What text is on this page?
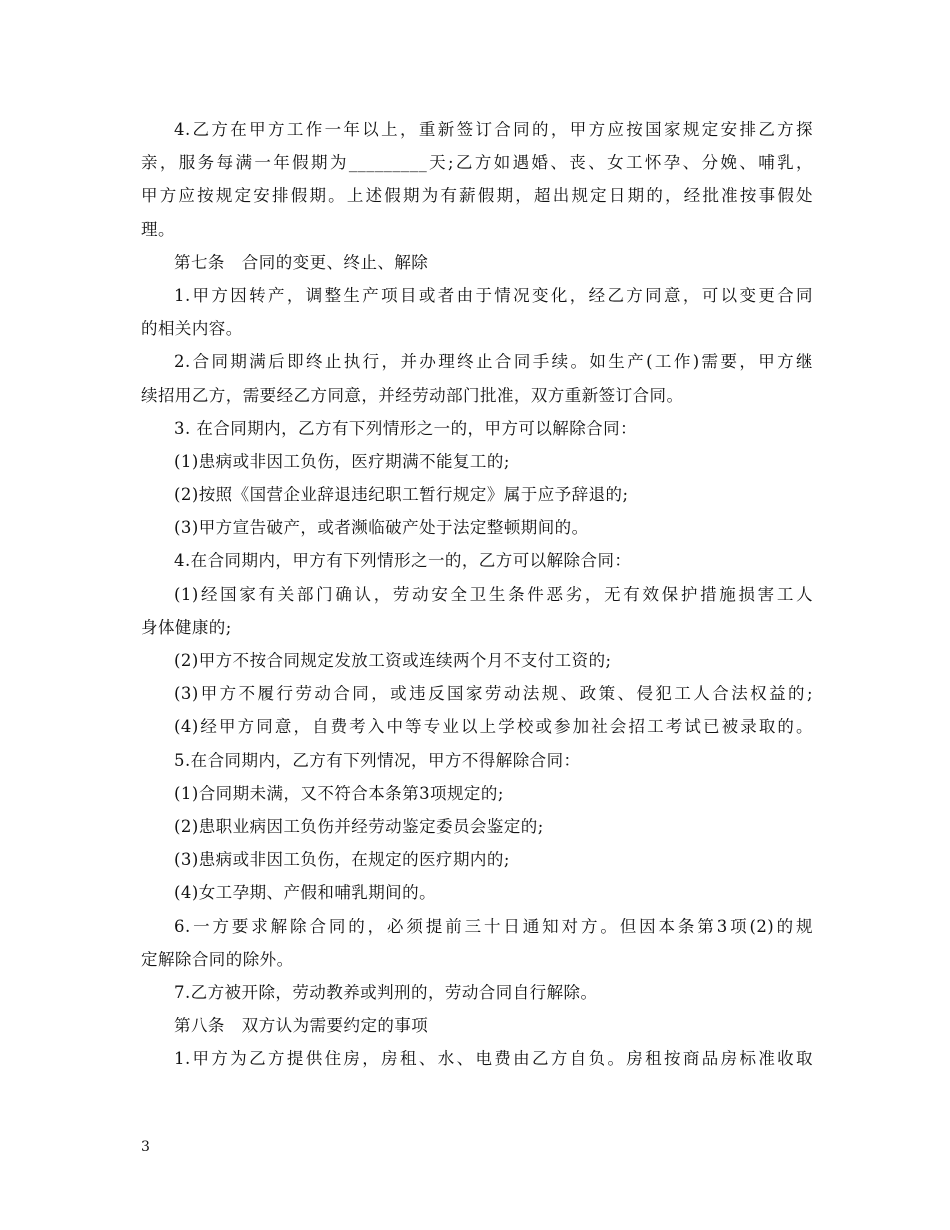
4.乙方在甲方工作一年以上，重新签订合同的，甲方应按国家规定安排乙方探
亲，服务每满一年假期为_________天;乙方如遇婚、丧、女工怀孕、分娩、哺乳，
甲方应按规定安排假期。上述假期为有薪假期，超出规定日期的，经批准按事假处
理。
第七条　合同的变更、终止、解除
1.甲方因转产，调整生产项目或者由于情况变化，经乙方同意，可以变更合同
的相关内容。
2.合同期满后即终止执行，并办理终止合同手续。如生产(工作)需要，甲方继
续招用乙方，需要经乙方同意，并经劳动部门批准，双方重新签订合同。
3. 在合同期内，乙方有下列情形之一的，甲方可以解除合同：
(1)患病或非因工负伤，医疗期满不能复工的;
(2)按照《国营企业辞退违纪职工暂行规定》属于应予辞退的;
(3)甲方宣告破产，或者濒临破产处于法定整顿期间的。
4.在合同期内，甲方有下列情形之一的，乙方可以解除合同：
(1)经国家有关部门确认，劳动安全卫生条件恶劣，无有效保护措施损害工人
身体健康的;
(2)甲方不按合同规定发放工资或连续两个月不支付工资的;
(3)甲方不履行劳动合同，或违反国家劳动法规、政策、侵犯工人合法权益的;
(4)经甲方同意，自费考入中等专业以上学校或参加社会招工考试已被录取的。
5.在合同期内，乙方有下列情况，甲方不得解除合同：
(1)合同期未满，又不符合本条第3项规定的;
(2)患职业病因工负伤并经劳动鉴定委员会鉴定的;
(3)患病或非因工负伤，在规定的医疗期内的;
(4)女工孕期、产假和哺乳期间的。
6.一方要求解除合同的，必须提前三十日通知对方。但因本条第3项(2)的规
定解除合同的除外。
7.乙方被开除，劳动教养或判刑的，劳动合同自行解除。
第八条　双方认为需要约定的事项
1.甲方为乙方提供住房，房租、水、电费由乙方自负。房租按商品房标准收取
3
